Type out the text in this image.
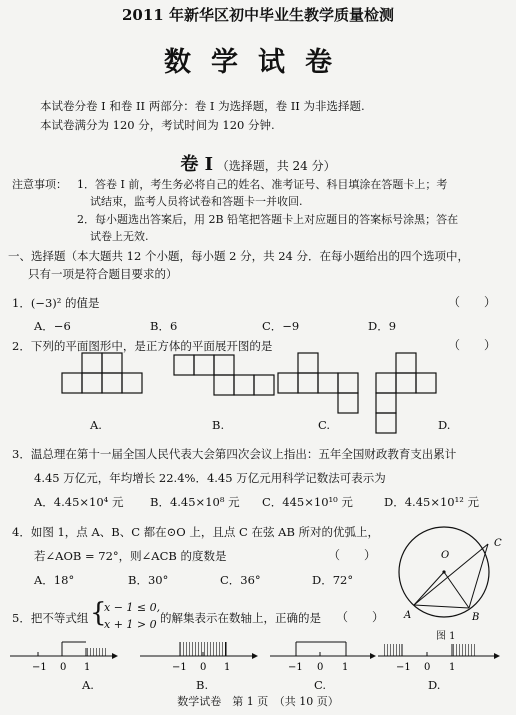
2011 年新华区初中毕业生教学质量检测
数学试卷
本试卷分卷 I 和卷 II 两部分：卷 I 为选择题，卷 II 为非选择题.
本试卷满分为 120 分，考试时间为 120 分钟.
卷 I （选择题，共 24 分）
注意事项： 1．答卷 I 前，考生务必将自己的姓名、准考证号、科目填涂在答题卡上；考
试结束，监考人员将试卷和答题卡一并收回.
2．每小题选出答案后，用 2B 铅笔把答题卡上对应题目的答案标号涂黑；答在
试卷上无效.
一、选择题（本大题共 12 个小题，每小题 2 分，共 24 分．在每小题给出的四个选项中，
只有一项是符合题目要求的）
1．(−3)² 的值是	（　　）
A．−6	B．6	C．−9	D．9
2．下列的平面图形中，是正方体的平面展开图的是	（　　）
A.	B.	C.	D.
3．温总理在第十一届全国人民代表大会第四次会议上指出：五年全国财政教育支出累计
4.45 万亿元，年均增长 22.4%．4.45 万亿元用科学记数法可表示为
A．4.45×10⁴ 元 B．4.45×10⁸ 元 C．445×10¹⁰ 元	D．4.45×10¹² 元
4．如图 1，点 A、B、C 都在⊙O 上，且点 C 在弦 AB 所对的优弧上，
若∠AOB = 72°，则∠ACB 的度数是	（　　）
A．18°	B．30°	C．36°	D．72°
O
A	B
C
图 1
5．把不等式组 {
x − 1 ≤ 0,
x + 1 > 0 的解集表示在数轴上，正确的是 （　　）
−1 0 1	−1 0 1	−1 0 1	−1 0 1
A.	B.	C.	D.
数学试卷　第 1 页　（共 10 页）
